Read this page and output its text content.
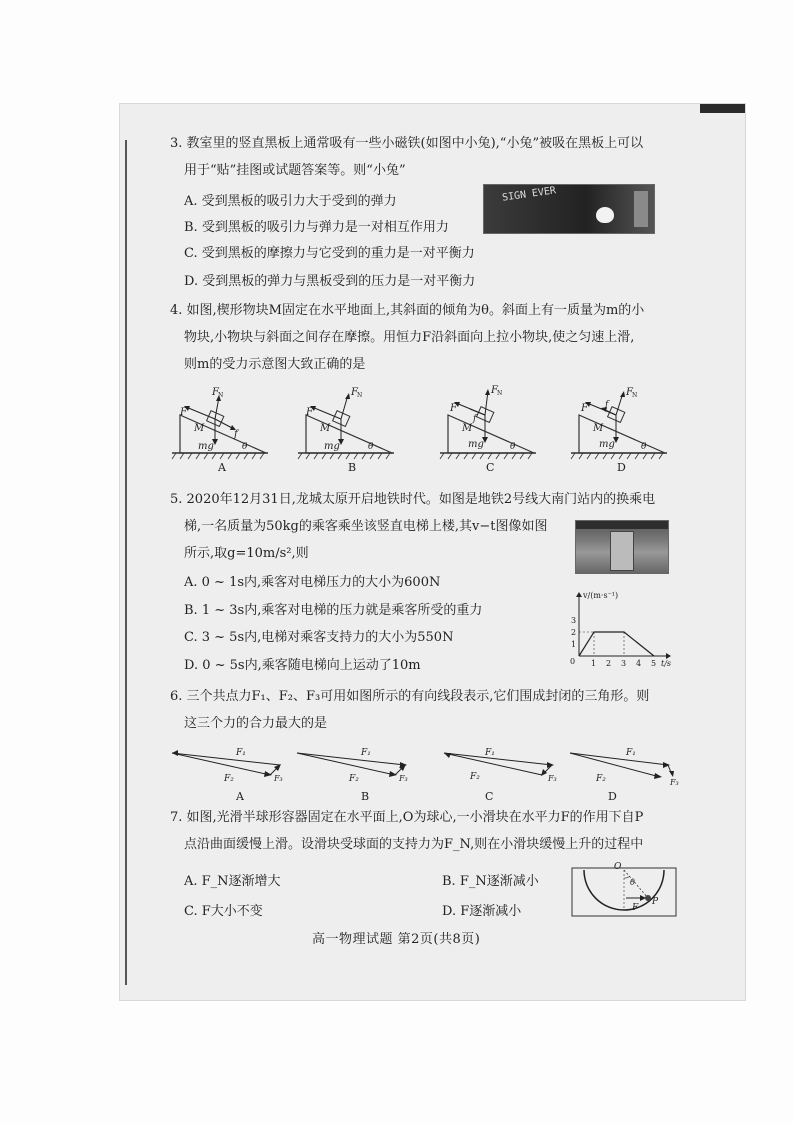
3. 教室里的竖直黑板上通常吸有一些小磁铁(如图中小兔),“小兔”被吸在黑板上可以
用于“贴”挂图或试题答案等。则“小兔”
A. 受到黑板的吸引力大于受到的弹力
B. 受到黑板的吸引力与弹力是一对相互作用力
C. 受到黑板的摩擦力与它受到的重力是一对平衡力
D. 受到黑板的弹力与黑板受到的压力是一对平衡力
SIGN EVER
4. 如图,楔形物块M固定在水平地面上,其斜面的倾角为θ。斜面上有一质量为m的小
物块,小物块与斜面之间存在摩擦。用恒力F沿斜面向上拉小物块,使之匀速上滑,
则m的受力示意图大致正确的是
F N
F
M
mg
f
θ
A
F N
F
M
mg	θ
B
F N
F
M
mg
f
θ
C
F N
F f
M
mg	θ
D
5. 2020年12月31日,龙城太原开启地铁时代。如图是地铁2号线大南门站内的换乘电
梯,一名质量为50kg的乘客乘坐该竖直电梯上楼,其v−t图像如图
所示,取g=10m/s²,则
A. 0 ~ 1s内,乘客对电梯压力的大小为600N
B. 1 ~ 3s内,乘客对电梯的压力就是乘客所受的重力
C. 3 ~ 5s内,电梯对乘客支持力的大小为550N
D. 0 ~ 5s内,乘客随电梯向上运动了10m
v/(m·s⁻¹)
t/s
0
1
2
3
1 2 3 4 5
6. 三个共点力F₁、F₂、F₃可用如图所示的有向线段表示,它们围成封闭的三角形。则
这三个力的合力最大的是
F₁
F₂	F₃
A
F₁
F₂	F₃
B
F₁
F₂	F₃
C
F₁
F₂	F₃
D
7. 如图,光滑半球形容器固定在水平面上,O为球心,一小滑块在水平力F的作用下自P
点沿曲面缓慢上滑。设滑块受球面的支持力为F_N,则在小滑块缓慢上升的过程中
A. F_N逐渐增大	B. F_N逐渐减小
C. F大小不变	D. F逐渐减小
O
θ
P
F
高一物理试题 第2页(共8页)
